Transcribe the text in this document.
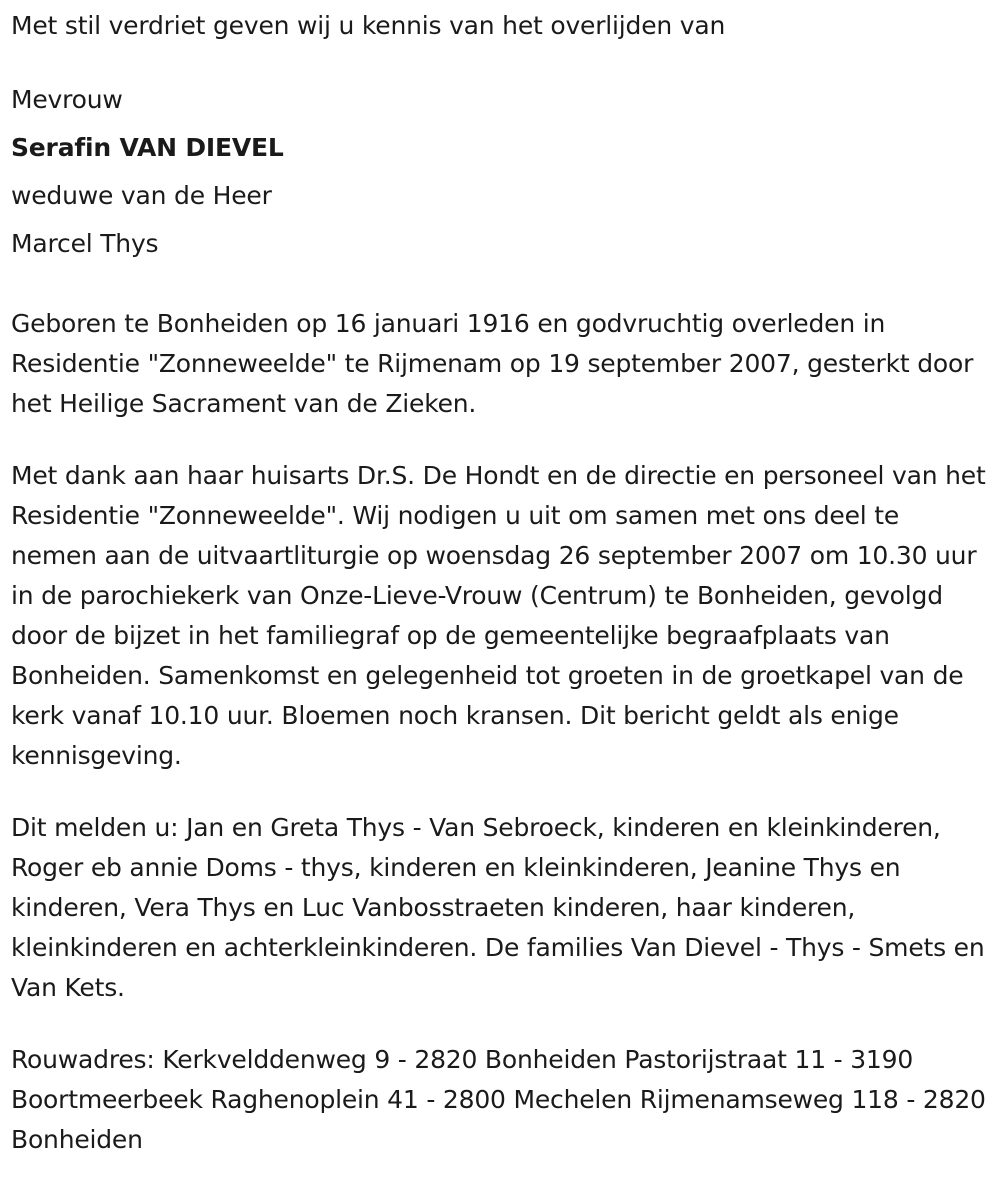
Met stil verdriet geven wij u kennis van het overlijden van
Mevrouw
Serafin VAN DIEVEL
weduwe van de Heer
Marcel Thys

Geboren te Bonheiden op 16 januari 1916 en godvruchtig overleden in Residentie "Zonneweelde" te Rijmenam op 19 september 2007, gesterkt door het Heilige Sacrament van de Zieken.

Met dank aan haar huisarts Dr.S. De Hondt en de directie en personeel van het Residentie "Zonneweelde". Wij nodigen u uit om samen met ons deel te nemen aan de uitvaartliturgie op woensdag 26 september 2007 om 10.30 uur in de parochiekerk van Onze-Lieve-Vrouw (Centrum) te Bonheiden, gevolgd door de bijzet in het familiegraf op de gemeentelijke begraafplaats van Bonheiden. Samenkomst en gelegenheid tot groeten in de groetkapel van de kerk vanaf 10.10 uur. Bloemen noch kransen. Dit bericht geldt als enige kennisgeving.

Dit melden u: Jan en Greta Thys - Van Sebroeck, kinderen en kleinkinderen, Roger eb annie Doms - thys, kinderen en kleinkinderen, Jeanine Thys en kinderen, Vera Thys en Luc Vanbosstraeten kinderen, haar kinderen, kleinkinderen en achterkleinkinderen. De families Van Dievel - Thys - Smets en Van Kets.

Rouwadres: Kerkvelddenweg 9 - 2820 Bonheiden Pastorijstraat 11 - 3190 Boortmeerbeek Raghenoplein 41 - 2800 Mechelen Rijmenamseweg 118 - 2820 Bonheiden
